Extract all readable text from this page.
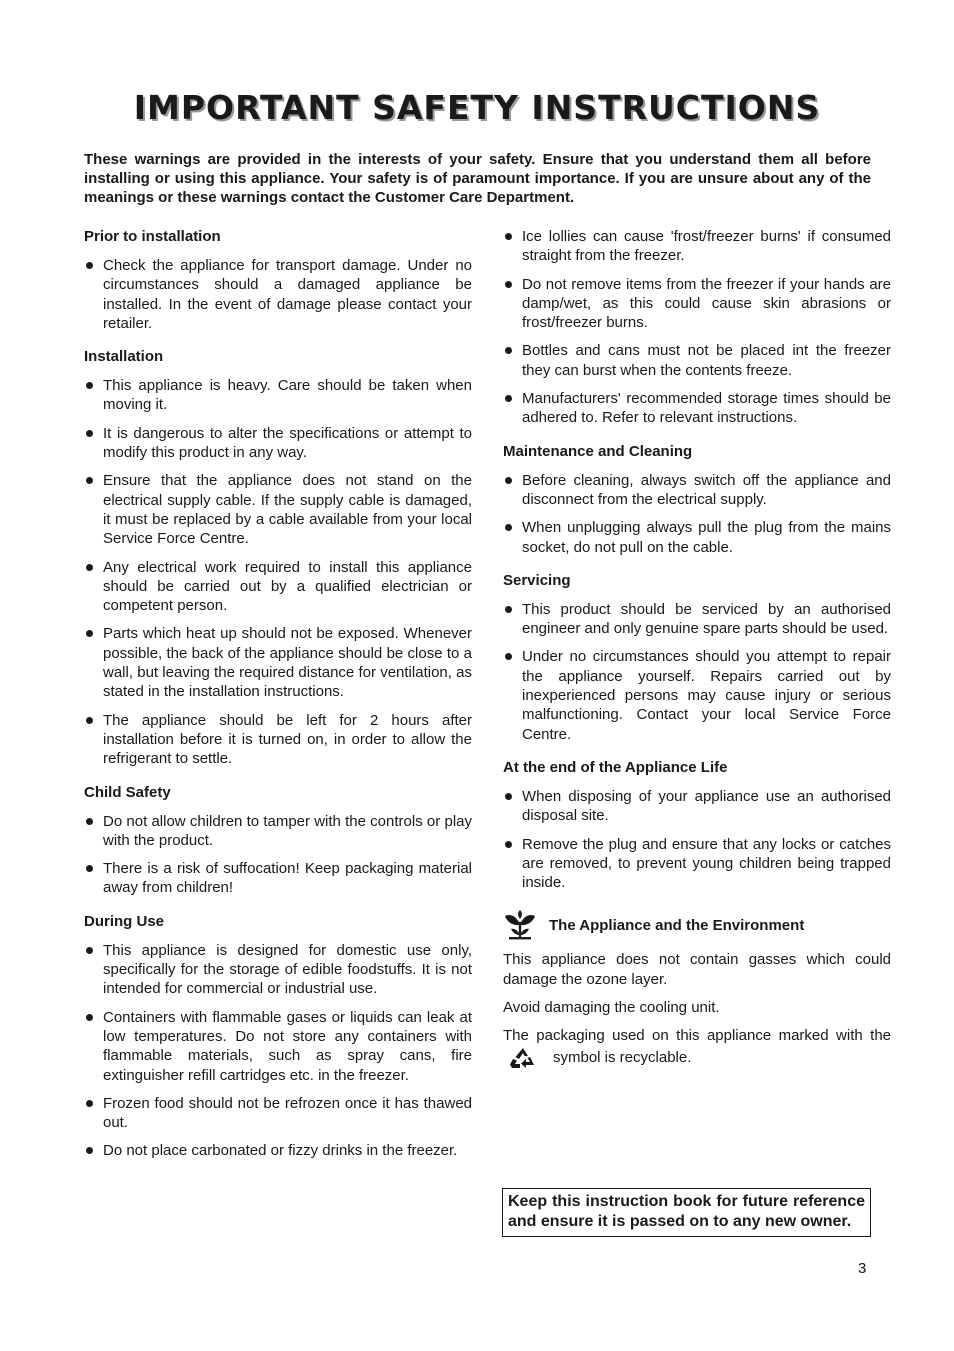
IMPORTANT SAFETY INSTRUCTIONS

These warnings are provided in the interests of your safety. Ensure that you understand them all before installing or using this appliance. Your safety is of paramount importance. If you are unsure about any of the meanings or these warnings contact the Customer Care Department.

Prior to installation
Check the appliance for transport damage. Under no circumstances should a damaged appliance be installed. In the event of damage please contact your retailer.
Installation
This appliance is heavy. Care should be taken when moving it.
It is dangerous to alter the specifications or attempt to modify this product in any way.
Ensure that the appliance does not stand on the electrical supply cable. If the supply cable is damaged, it must be replaced by a cable available from your local Service Force Centre.
Any electrical work required to install this appliance should be carried out by a qualified electrician or competent person.
Parts which heat up should not be exposed. Whenever possible, the back of the appliance should be close to a wall, but leaving the required distance for ventilation, as stated in the installation instructions.
The appliance should be left for 2 hours after installation before it is turned on, in order to allow the refrigerant to settle.
Child Safety
Do not allow children to tamper with the controls or play with the product.
There is a risk of suffocation! Keep packaging material away from children!
During Use
This appliance is designed for domestic use only, specifically for the storage of edible foodstuffs. It is not intended for commercial or industrial use.
Containers with flammable gases or liquids can leak at low temperatures. Do not store any containers with flammable materials, such as spray cans, fire extinguisher refill cartridges etc. in the freezer.
Frozen food should not be refrozen once it has thawed out.
Do not place carbonated or fizzy drinks in the freezer.
Ice lollies can cause 'frost/freezer burns' if consumed straight from the freezer.
Do not remove items from the freezer if your hands are damp/wet, as this could cause skin abrasions or frost/freezer burns.
Bottles and cans must not be placed int the freezer they can burst when the contents freeze.
Manufacturers' recommended storage times should be adhered to. Refer to relevant instructions.
Maintenance and Cleaning
Before cleaning, always switch off the appliance and disconnect from the electrical supply.
When unplugging always pull the plug from the mains socket, do not pull on the cable.
Servicing
This product should be serviced by an authorised engineer and only genuine spare parts should be used.
Under no circumstances should you attempt to repair the appliance yourself. Repairs carried out by inexperienced persons may cause injury or serious malfunctioning. Contact your local Service Force Centre.
At the end of the Appliance Life
When disposing of your appliance use an authorised disposal site.
Remove the plug and ensure that any locks or catches are removed, to prevent young children being trapped inside.
The Appliance and the Environment

This appliance does not contain gasses which could damage the ozone layer.

Avoid damaging the cooling unit.

The packaging used on this appliance marked with thesymbol is recyclable.

Keep this instruction book for future reference and ensure it is passed on to any new owner.
3
